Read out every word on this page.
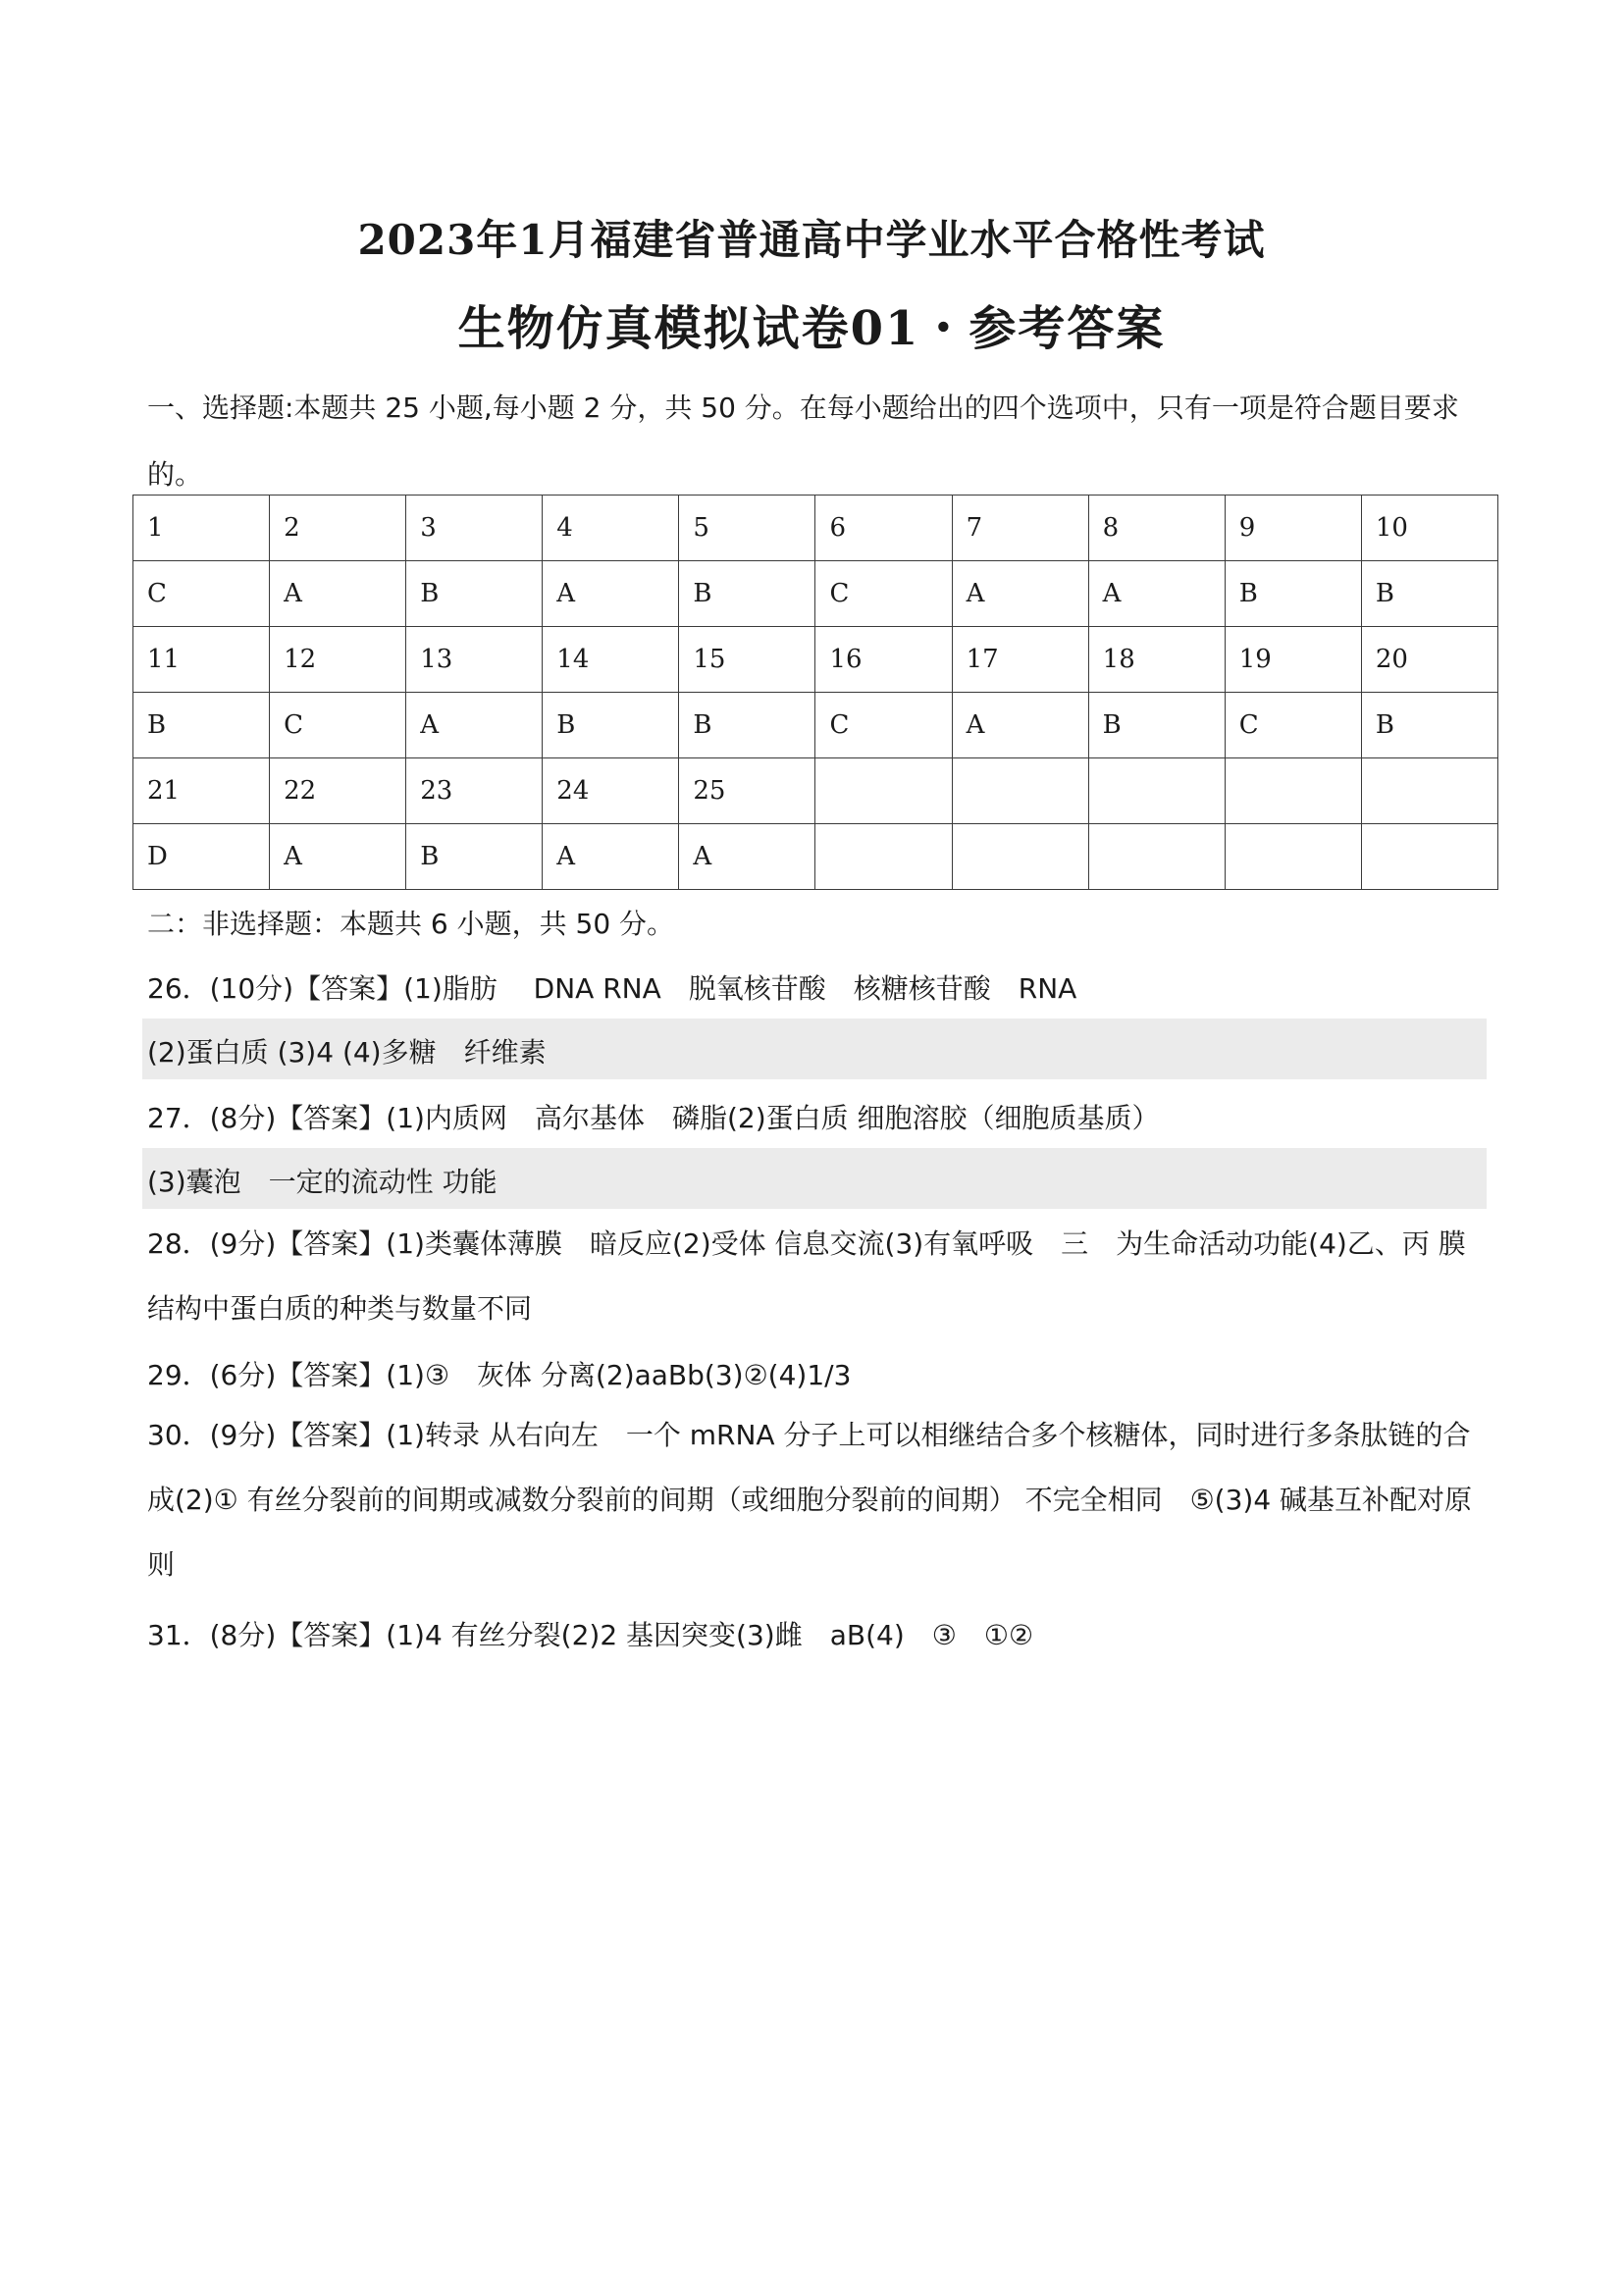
2023年1月福建省普通高中学业水平合格性考试
生物仿真模拟试卷01・参考答案

一、选择题:本题共 25 小题,每小题 2 分，共 50 分。在每小题给出的四个选项中，只有一项是符合题目要求的。

1	2	3	4	5	6	7	8	9	10
C	A	B	A	B	C	A	A	B	B
11	12	13	14	15	16	17	18	19	20
B	C	A	B	B	C	A	B	C	B
21	22	23	24	25					
D	A	B	A	A					

二：非选择题：本题共 6 小题，共 50 分。

26．(10分)【答案】(1)脂肪　 DNA RNA　脱氧核苷酸　核糖核苷酸　RNA

(2)蛋白质 (3)4 (4)多糖　纤维素

27．(8分)【答案】(1)内质网　高尔基体　磷脂(2)蛋白质 细胞溶胶（细胞质基质）

(3)囊泡　一定的流动性 功能

28．(9分)【答案】(1)类囊体薄膜　暗反应(2)受体 信息交流(3)有氧呼吸　三　为生命活动功能(4)乙、丙 膜结构中蛋白质的种类与数量不同

29．(6分)【答案】(1)③　灰体 分离(2)aaBb(3)②(4)1/3

30．(9分)【答案】(1)转录 从右向左　一个 mRNA 分子上可以相继结合多个核糖体，同时进行多条肽链的合成(2)① 有丝分裂前的间期或减数分裂前的间期（或细胞分裂前的间期） 不完全相同　⑤(3)4 碱基互补配对原则

31．(8分)【答案】(1)4 有丝分裂(2)2 基因突变(3)雌　aB(4)　③　①②
